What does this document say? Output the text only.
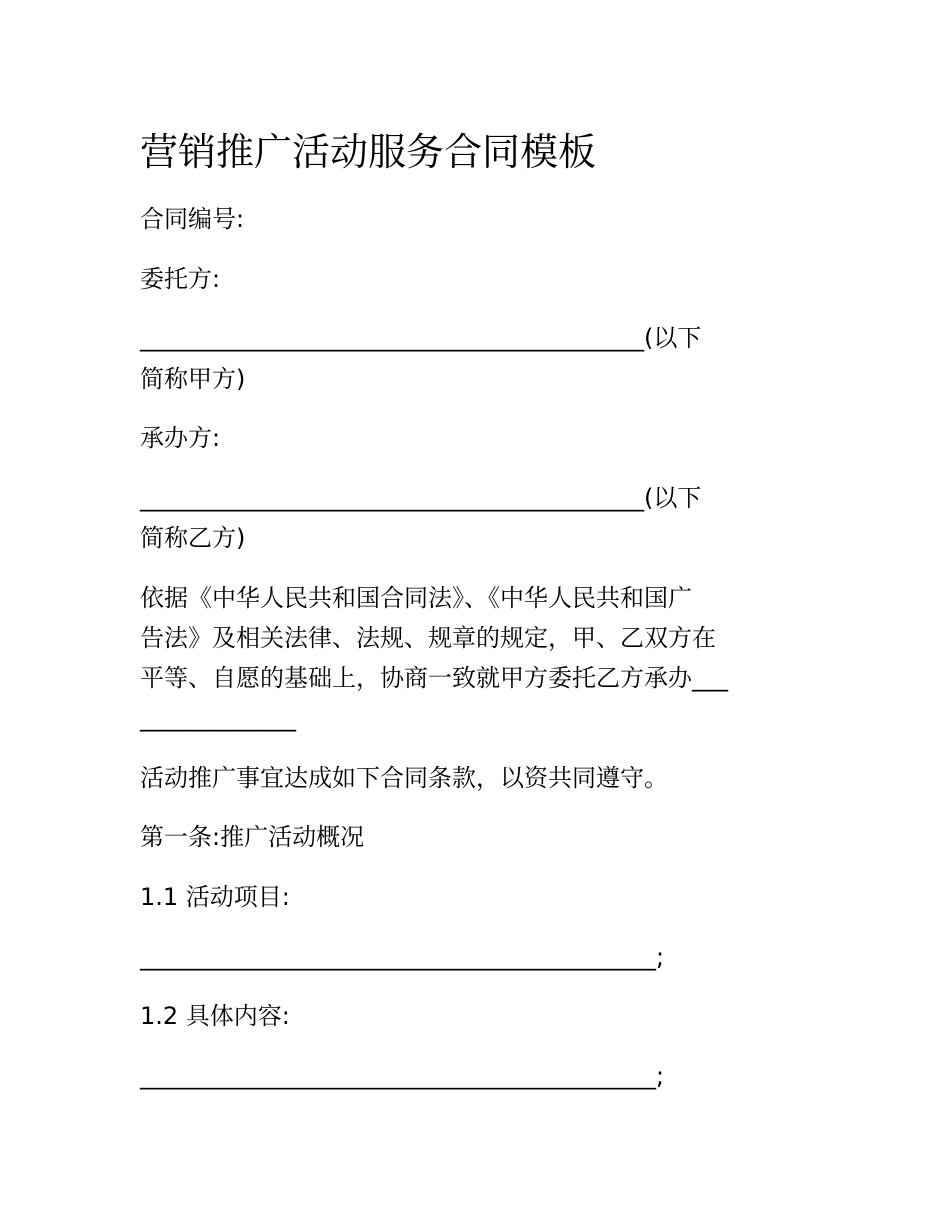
营销推广活动服务合同模板
合同编号:
委托方:
__________________________________________(以下
简称甲方)
承办方:
__________________________________________(以下
简称乙方)
依据《中华人民共和国合同法》、《中华人民共和国广
告法》及相关法律、法规、规章的规定，甲、乙双方在
平等、自愿的基础上，协商一致就甲方委托乙方承办___
_____________
活动推广事宜达成如下合同条款，以资共同遵守。
第一条:推广活动概况
1.1 活动项目:
___________________________________________;
1.2 具体内容:
___________________________________________;
